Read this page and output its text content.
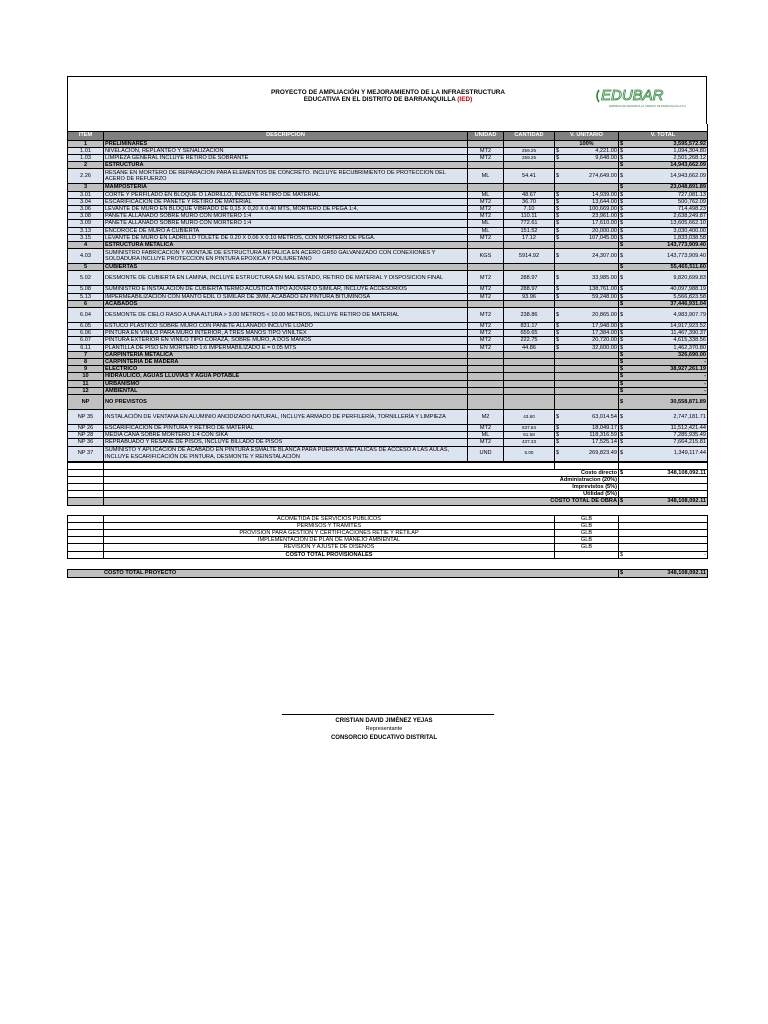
PROYECTO DE AMPLIACIÓN Y MEJORAMIENTO DE LA INFRAESTRUCTURA
EDUCATIVA EN EL DISTRITO DE BARRANQUILLA (IED)	EDUBAR
EMPRESA DE DESARROLLO URBANO DE BARRANQUILLA S.A.

ITEM	DESCRIPCION	UNIDAD	CANTIDAD	V. UNITARIO	V. TOTAL
1	PRELIMINARES			100%	$ 3,595,572.92

1.01	NIVELACIÓN, REPLANTEO Y SEÑALIZACIÓN	MT2	259.25	$ 4,221.00	$ 1,094,304.80

1.03	LIMPIEZA GENERAL INCLUYE RETIRO DE SOBRANTE	MT2	259.25	$ 9,648.00	$ 2,501,268.12

2	ESTRUCTURA				$ 14,943,662.09

2.26	RESANE EN MORTERO DE REPARACION PARA ELEMENTOS DE CONCRETO. INCLUYE RECUBRIMIENTO DE PROTECCION DEL ACERO DE REFUERZO	ML	54.41	$ 274,649.00	$ 14,943,662.09

3	MAMPOSTERIA				$ 23,048,891.89

3.01	CORTE Y PERFILADO EN BLOQUE O LADRILLO, INCLUYE RETIRO DE MATERIAL	ML	48.67	$ 14,939.00	$ 727,081.13

3.04	ESCARIFICACIÓN DE PAÑETE Y RETIRO DE MATERIAL	MT2	36.70	$ 13,644.00	$ 500,762.09

3.06	LEVANTE DE MURO EN BLOQUE VIBRADO DE 0,15 X 0,20 X 0,40 MTS, MORTERO DE PEGA 1:4,	MT2	7.10	$ 100,669.00	$ 714,498.23

3.08	PAÑETE ALLANADO SOBRE MURO CON MORTERO 1:4	MT2	110.11	$ 23,961.00	$ 2,638,249.87

3.09	PAÑETE ALLANADO SOBRE MURO CON MORTERO 1:4	ML	772.61	$ 17,610.00	$ 13,605,662.10

3.13	ENCOROCE DE MURO A CUBIERTA	ML	151.52	$ 20,000.00	$ 3,030,400.00

3.15	LEVANTE DE MURO EN LADRILLO TOLETE DE 0.20 X 0.06 X 0.10 METROS, CON MORTERO DE PEGA.	MT2	17.12	$ 107,045.00	$ 1,833,038.58

4	ESTRUCTURA METALICA				$ 143,773,909.40

4.03	SUMINISTRO FABRICACION Y MONTAJE DE ESTRUCTURA METALICA EN ACERO GR50 GALVANIZADO CON CONEXIONES Y SOLDADURA INCLUYE PROTECCION EN PINTURA EPOXICA Y POLIURETANO	KGS	5914.92	$ 24,307.00	$ 143,773,909.40

5	CUBIERTAS				$ 55,465,511.60

5.02	DESMONTE DE CUBIERTA EN LAMINA, INCLUYE ESTRUCTURA EN MAL ESTADO, RETIRO DE MATERIAL Y DISPOSICION FINAL	MT2	288.97	$ 33,985.00	$ 9,820,699.83

5.08	SUMINISTRO E INSTALACION DE CUBIERTA TERMO ACUSTICA TIPO AJOVER O SIMILAR, INCLUYE ACCESORIOS	MT2	288.97	$ 138,761.00	$ 40,097,988.19

5.13	IMPERMEABILIZACIÓN CON MANTO EDIL O SIMILAR DE 3MM, ACABADO EN PINTURA BITUMINOSA	MT2	93.96	$ 59,248.00	$ 5,566,823.58

6	ACABADOS				$ 37,446,931.04

6.04	DESMONTE DE CIELO RASO A UNA ALTURA > 3.00 METROS < 10.00 METROS, INCLUYE RETIRO DE MATERIAL	MT2	238.86	$ 20,865.00	$ 4,983,907.79

6.05	ESTUCO PLASTICO SOBRE MURO CON PAÑETE ALLANADO INCLUYE LIJADO	MT2	831.17	$ 17,948.00	$ 14,917,923.52

6.06	PINTURA EN VINILO PARA MURO INTERIOR, A TRES MANOS TIPO VINILTEX	MT2	659.65	$ 17,384.00	$ 11,467,390.37

6.07	PINTURA EXTERIOR EN VINILO TIPO CORAZA, SOBRE MURO, A DOS MANOS	MT2	222.75	$ 20,720.00	$ 4,615,338.56

6.11	PLANTILLA DE PISO EN MORTERO 1:6 IMPERMABILIZADO E = 0.05 MTS	MT2	44.86	$ 32,600.00	$ 1,462,370.80

7	CARPINTERIA METALICA				$ 326,690.00

8	CARPINTERIA DE MADERA				$ -

9	ELECTRICO				$ 38,927,261.19

10	HIDRAULICO, AGUAS LLUVIAS Y AGUA POTABLE				$ -

11	URBANISMO				$ -

12	AMBIENTAL				$ -

NP	NO PREVISTOS				$ 30,558,871.89

NP 35	INSTALACIÓN DE VENTANA EN ALUMINIO ANODIZADO NATURAL, INCLUYE ARMADO DE PERFILERÍA, TORNILLERÍA Y LIMPIEZA	M2	43.60	$ 63,014.54	$ 2,747,181.71

NP 26	ESCARIFICACIÓN DE PINTURA Y RETIRO DE MATERIAL	MT2	637.84	$ 18,049.17	$ 11,512,421.44

NP 28	MEDIA CANA SOBRE MORTERO 1:4 CON SIKA	ML	61.58	$ 118,316.59	$ 7,285,935.49

NP 36	REPRABUADO Y RESANE DE PISOS, INCLUYE BILLADO DE PISOS	MT2	437.33	$ 17,525.14	$ 7,664,215.81

NP 37	SUMINISTO Y APLICACIÓN DE ACABADO EN PINTURA ESMALTE BLANCA PARA PUERTAS METÁLICAS DE ACCESO A LAS AULAS, INCLUYE ESCARIFICACIÓN DE PINTURA, DESMONTE Y REINSTALACIÓN	UND	5.00	$ 269,823.49	$ 1,349,117.44

	Costo directo		$ 348,108,092.11

	Administracion (20%)		
	Imprevistos (5%)		
	Utilidad (5%)		
	COSTO TOTAL DE OBRA		$ 348,108,092.11
	ACOMETIDA DE SERVICIOS PUBLICOS	GLB	
	PERMISOS Y TRAMITES	GLB	
	PROVISION PARA GESTION Y CERTIFICACIONES RETIE Y RETILAP	GLB	
	IMPLEMENTACION DE PLAN DE MANEJO AMBIENTAL	GLB	
	REVISION Y AJUSTE DE DISEÑOS	GLB	
	COSTO TOTAL PROVISIONALES		$ -
COSTO TOTAL PROYECTO	$	348,108,092.11
CRISTIAN DAVID JIMÉNEZ YEJAS
Representante
CONSORCIO EDUCATIVO DISTRITAL
